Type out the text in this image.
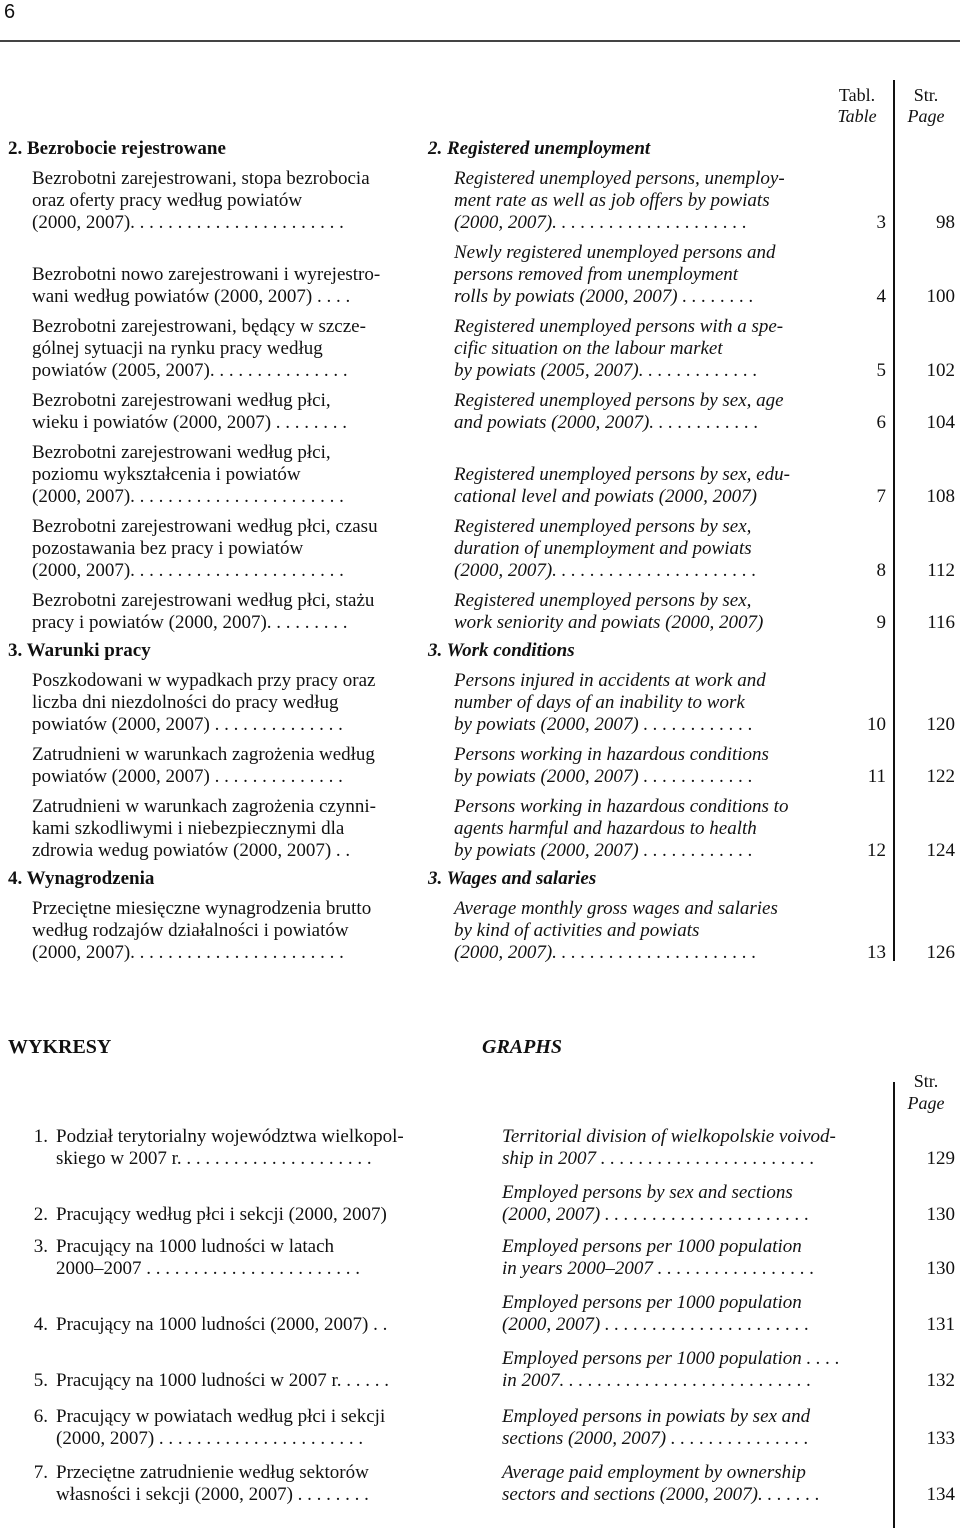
6
Tabl.
Table
Str.
Page
2. Bezrobocie rejestrowane	2. Registered unemployment
Bezrobotni zarejestrowani, stopa bezrobocia
oraz oferty pracy według powiatów
(2000, 2007). . . . . . . . . . . . . . . . . . . . . . .
Registered unemployed persons, unemploy-
ment rate as well as job offers by powiats
(2000, 2007). . . . . . . . . . . . . . . . . . . . .	3	98
Bezrobotni nowo zarejestrowani i wyrejestro-
wani według powiatów (2000, 2007) . . . .
Newly registered unemployed persons and
persons removed from unemployment
rolls by powiats (2000, 2007) . . . . . . . .	4	100
Bezrobotni zarejestrowani, będący w szcze-
gólnej sytuacji na rynku pracy według
powiatów (2005, 2007). . . . . . . . . . . . . . .
Registered unemployed persons with a spe-
cific situation on the labour market
by powiats (2005, 2007). . . . . . . . . . . . .	5	102
Bezrobotni zarejestrowani według płci,
wieku i powiatów (2000, 2007) . . . . . . . .
Registered unemployed persons by sex, age
and powiats (2000, 2007). . . . . . . . . . . .	6	104
Bezrobotni zarejestrowani według płci,
poziomu wykształcenia i powiatów
(2000, 2007). . . . . . . . . . . . . . . . . . . . . . .
Registered unemployed persons by sex, edu-
cational level and powiats (2000, 2007)	7	108
Bezrobotni zarejestrowani według płci, czasu
pozostawania bez pracy i powiatów
(2000, 2007). . . . . . . . . . . . . . . . . . . . . . .
Registered unemployed persons by sex,
duration of unemployment and powiats
(2000, 2007). . . . . . . . . . . . . . . . . . . . . .	8	112
Bezrobotni zarejestrowani według płci, stażu
pracy i powiatów (2000, 2007). . . . . . . . .
Registered unemployed persons by sex,
work seniority and powiats (2000, 2007)	9	116
3. Warunki pracy	3. Work conditions
Poszkodowani w wypadkach przy pracy oraz
liczba dni niezdolności do pracy według
powiatów (2000, 2007) . . . . . . . . . . . . . .
Persons injured in accidents at work and
number of days of an inability to work
by powiats (2000, 2007) . . . . . . . . . . . .	10	120
Zatrudnieni w warunkach zagrożenia według
powiatów (2000, 2007) . . . . . . . . . . . . . .
Persons working in hazardous conditions
by powiats (2000, 2007) . . . . . . . . . . . .	11	122
Zatrudnieni w warunkach zagrożenia czynni-
kami szkodliwymi i niebezpiecznymi dla
zdrowia wedug powiatów (2000, 2007) . .
Persons working in hazardous conditions to
agents harmful and hazardous to health
by powiats (2000, 2007) . . . . . . . . . . . .	12	124
4. Wynagrodzenia	3. Wages and salaries
Przeciętne miesięczne wynagrodzenia brutto
według rodzajów działalności i powiatów
(2000, 2007). . . . . . . . . . . . . . . . . . . . . . .
Average monthly gross wages and salaries
by kind of activities and powiats
(2000, 2007). . . . . . . . . . . . . . . . . . . . . .	13	126
WYKRESY	GRAPHS
Str.
Page
1. Podział terytorialny województwa wielkopol-
skiego w 2007 r. . . . . . . . . . . . . . . . . . . . .
Territorial division of wielkopolskie voivod-
ship in 2007 . . . . . . . . . . . . . . . . . . . . . . .	129
2. Pracujący według płci i sekcji (2000, 2007)
Employed persons by sex and sections
(2000, 2007) . . . . . . . . . . . . . . . . . . . . . .	130
3. Pracujący na 1000 ludności w latach
2000–2007 . . . . . . . . . . . . . . . . . . . . . . .
Employed persons per 1000 population
in years 2000–2007 . . . . . . . . . . . . . . . . .	130
4. Pracujący na 1000 ludności (2000, 2007) . .
Employed persons per 1000 population
(2000, 2007) . . . . . . . . . . . . . . . . . . . . . .	131
5. Pracujący na 1000 ludności w 2007 r. . . . . .
Employed persons per 1000 population . . . .
in 2007. . . . . . . . . . . . . . . . . . . . . . . . . . .	132
6. Pracujący w powiatach według płci i sekcji
(2000, 2007) . . . . . . . . . . . . . . . . . . . . . .
Employed persons in powiats by sex and
sections (2000, 2007) . . . . . . . . . . . . . . .	133
7. Przeciętne zatrudnienie według sektorów
własności i sekcji (2000, 2007) . . . . . . . .
Average paid employment by ownership
sectors and sections (2000, 2007). . . . . . .	134
